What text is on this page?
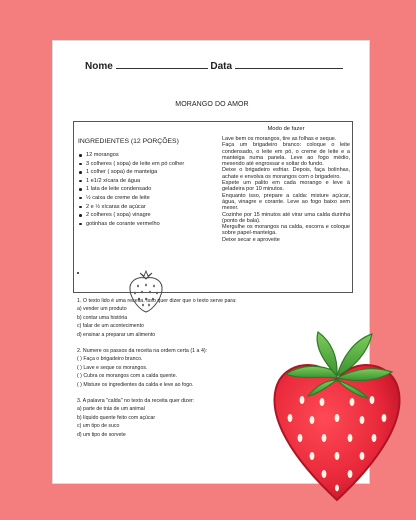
Nome	Data
MORANGO DO AMOR
INGREDIENTES (12 PORÇÕES)
12 morangos
3 colheres ( sopa) de leite em pó colher
1 colher ( sopa) de manteiga
1 e1/2 xícara de água
1 lata de leite condensado
½ caixa de creme de leite
2 e ½ xícaras de açúcar
2 colheres ( sopa) vinagre
gotinhas de corante vermelho
Modo de fazer
Lave bem os morangos, tire as folhas e seque.
Faça um brigadeiro branco: coloque o leite condensado, o leite em pó, o creme de leite e a manteiga numa panela. Leve ao fogo médio, mexendo até engrossar e soltar do fundo.
Deixe o brigadeiro esfriar. Depois, faça bolinhas, achate e envolva os morangos com o brigadeiro.
Espete um palito em cada morango e leve à geladeira por 10 minutos.
Enquanto isso, prepare a calda: misture açúcar, água, vinagre e corante. Leve ao fogo baixo sem mexer.
Cozinhe por 15 minutos até virar uma calda durinha (ponto de bala).
Mergulhe os morangos na calda, escorra e coloque sobre papel-manteiga.
Deixe secar e aproveite
1. O texto lido é uma receita. Isso quer dizer que o texto serve para:
a) vender um produto
b) contar uma história
c) falar de um acontecimento
d) ensinar a preparar um alimento
2. Numere os passos da receita na ordem certa (1 a 4):
( ) Faça o brigadeiro branco.
( ) Lave e seque os morangos.
( ) Cubra os morangos com a calda quente.
( ) Misture os ingredientes da calda e leve ao fogo.
3. A palavra "calda" no texto da receita quer dizer:
a) parte de trás de um animal
b) líquido quente feito com açúcar
c) um tipo de suco
d) um tipo de sorvete
